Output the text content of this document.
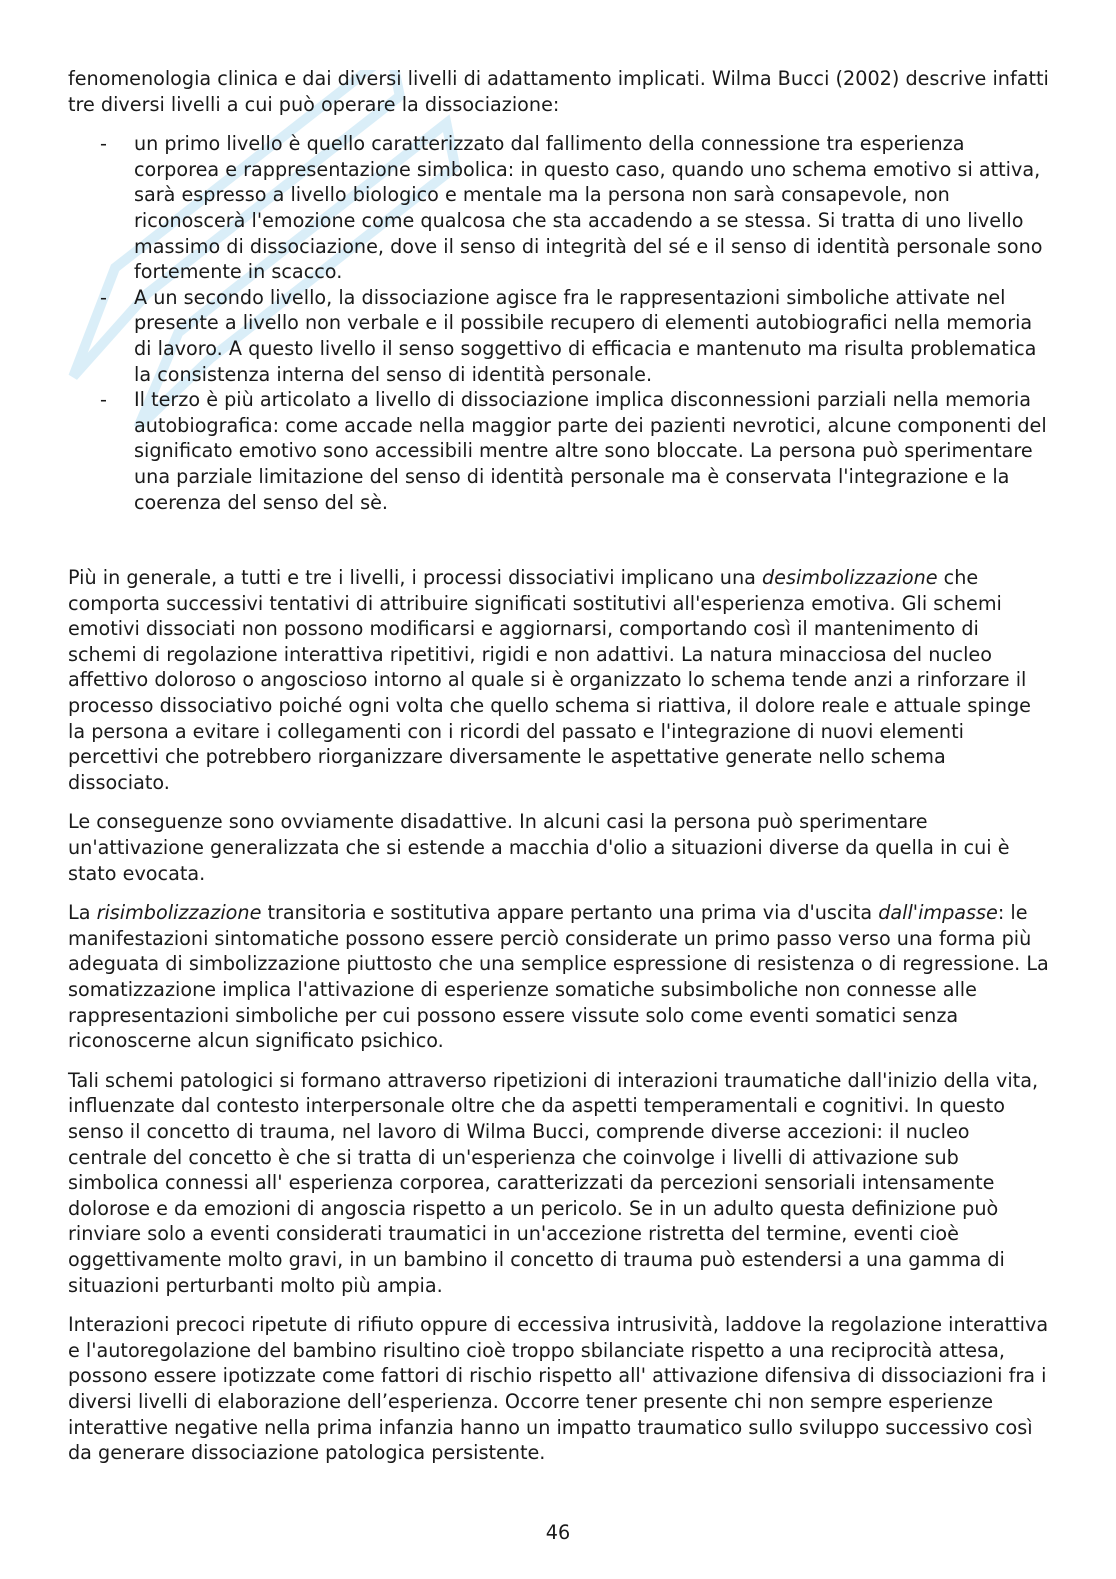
fenomenologia clinica e dai diversi livelli di adattamento implicati. Wilma Bucci (2002) descrive infatti tre diversi livelli a cui può operare la dissociazione:

- un primo livello è quello caratterizzato dal fallimento della connessione tra esperienza corporea e rappresentazione simbolica: in questo caso, quando uno schema emotivo si attiva, sarà espresso a livello biologico e mentale ma la persona non sarà consapevole, non riconoscerà l'emozione come qualcosa che sta accadendo a se stessa. Si tratta di uno livello massimo di dissociazione, dove il senso di integrità del sé e il senso di identità personale sono fortemente in scacco.
- A un secondo livello, la dissociazione agisce fra le rappresentazioni simboliche attivate nel presente a livello non verbale e il possibile recupero di elementi autobiografici nella memoria di lavoro. A questo livello il senso soggettivo di efficacia e mantenuto ma risulta problematica la consistenza interna del senso di identità personale.
- Il terzo è più articolato a livello di dissociazione implica disconnessioni parziali nella memoria autobiografica: come accade nella maggior parte dei pazienti nevrotici, alcune componenti del significato emotivo sono accessibili mentre altre sono bloccate. La persona può sperimentare una parziale limitazione del senso di identità personale ma è conservata l'integrazione e la coerenza del senso del sè.

Più in generale, a tutti e tre i livelli, i processi dissociativi implicano una desimbolizzazione che comporta successivi tentativi di attribuire significati sostitutivi all'esperienza emotiva. Gli schemi emotivi dissociati non possono modificarsi e aggiornarsi, comportando così il mantenimento di schemi di regolazione interattiva ripetitivi, rigidi e non adattivi. La natura minacciosa del nucleo affettivo doloroso o angoscioso intorno al quale si è organizzato lo schema tende anzi a rinforzare il processo dissociativo poiché ogni volta che quello schema si riattiva, il dolore reale e attuale spinge la persona a evitare i collegamenti con i ricordi del passato e l'integrazione di nuovi elementi percettivi che potrebbero riorganizzare diversamente le aspettative generate nello schema dissociato.

Le conseguenze sono ovviamente disadattive. In alcuni casi la persona può sperimentare un'attivazione generalizzata che si estende a macchia d'olio a situazioni diverse da quella in cui è stato evocata.

La risimbolizzazione transitoria e sostitutiva appare pertanto una prima via d'uscita dall'impasse: le manifestazioni sintomatiche possono essere perciò considerate un primo passo verso una forma più adeguata di simbolizzazione piuttosto che una semplice espressione di resistenza o di regressione. La somatizzazione implica l'attivazione di esperienze somatiche subsimboliche non connesse alle rappresentazioni simboliche per cui possono essere vissute solo come eventi somatici senza riconoscerne alcun significato psichico.

Tali schemi patologici si formano attraverso ripetizioni di interazioni traumatiche dall'inizio della vita, influenzate dal contesto interpersonale oltre che da aspetti temperamentali e cognitivi. In questo senso il concetto di trauma, nel lavoro di Wilma Bucci, comprende diverse accezioni: il nucleo centrale del concetto è che si tratta di un'esperienza che coinvolge i livelli di attivazione sub simbolica connessi all' esperienza corporea, caratterizzati da percezioni sensoriali intensamente dolorose e da emozioni di angoscia rispetto a un pericolo. Se in un adulto questa definizione può rinviare solo a eventi considerati traumatici in un'accezione ristretta del termine, eventi cioè oggettivamente molto gravi, in un bambino il concetto di trauma può estendersi a una gamma di situazioni perturbanti molto più ampia.

Interazioni precoci ripetute di rifiuto oppure di eccessiva intrusività, laddove la regolazione interattiva e l'autoregolazione del bambino risultino cioè troppo sbilanciate rispetto a una reciprocità attesa, possono essere ipotizzate come fattori di rischio rispetto all' attivazione difensiva di dissociazioni fra i diversi livelli di elaborazione dell’esperienza. Occorre tener presente chi non sempre esperienze interattive negative nella prima infanzia hanno un impatto traumatico sullo sviluppo successivo così da generare dissociazione patologica persistente.

46
